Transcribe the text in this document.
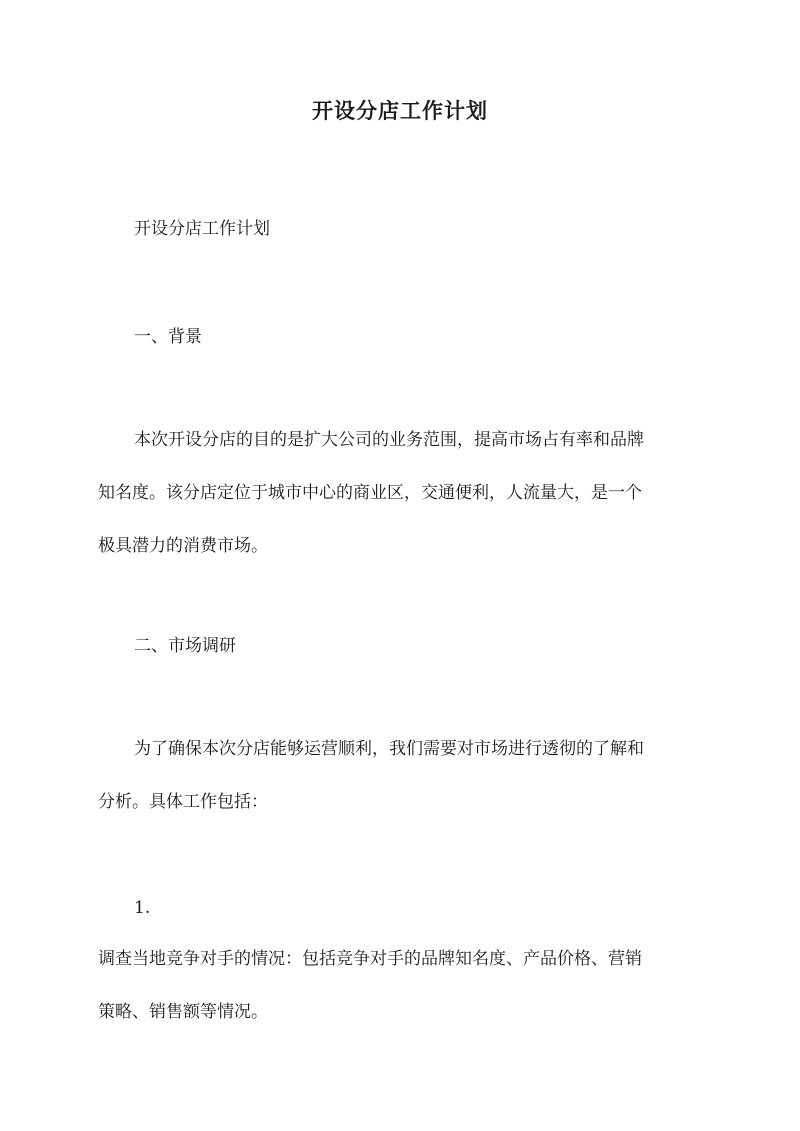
开设分店工作计划
开设分店工作计划
一、背景
本次开设分店的目的是扩大公司的业务范围，提高市场占有率和品牌
知名度。该分店定位于城市中心的商业区，交通便利，人流量大，是一个
极具潜力的消费市场。
二、市场调研
为了确保本次分店能够运营顺利，我们需要对市场进行透彻的了解和
分析。具体工作包括：
1.
调查当地竞争对手的情况：包括竞争对手的品牌知名度、产品价格、营销
策略、销售额等情况。
